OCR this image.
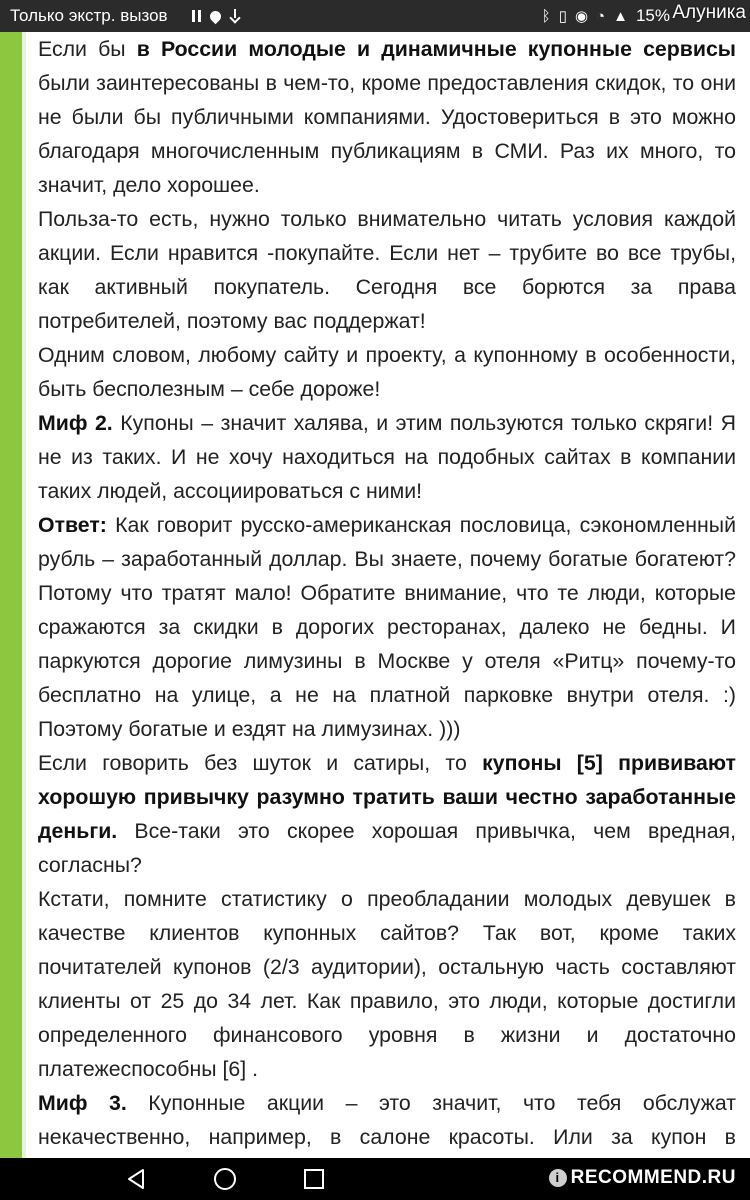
Только экстр. вызов	ᛒ ▯ ◉ ◔ ▲ 15% Алуника

Если бы в России молодые и динамичные купонные сервисы были заинтересованы в чем-то, кроме предоставления скидок, то они не были бы публичными компаниями. Удостовериться в это можно благодаря многочисленным публикациям в СМИ. Раз их много, то значит, дело хорошее.

Польза-то есть, нужно только внимательно читать условия каждой акции. Если нравится -покупайте. Если нет – трубите во все трубы, как активный покупатель. Сегодня все борются за права потребителей, поэтому вас поддержат!

Одним словом, любому сайту и проекту, а купонному в особенности, быть бесполезным – себе дороже!

Миф 2. Купоны – значит халява, и этим пользуются только скряги! Я не из таких. И не хочу находиться на подобных сайтах в компании таких людей, ассоциироваться с ними!

Ответ: Как говорит русско-американская пословица, сэкономленный рубль – заработанный доллар. Вы знаете, почему богатые богатеют? Потому что тратят мало! Обратите внимание, что те люди, которые сражаются за скидки в дорогих ресторанах, далеко не бедны. И паркуются дорогие лимузины в Москве у отеля «Ритц» почему-то бесплатно на улице, а не на платной парковке внутри отеля. :) Поэтому богатые и ездят на лимузинах. )))

Если говорить без шуток и сатиры, то купоны [5] прививают хорошую привычку разумно тратить ваши честно заработанные деньги. Все-таки это скорее хорошая привычка, чем вредная, согласны?

Кстати, помните статистику о преобладании молодых девушек в качестве клиентов купонных сайтов? Так вот, кроме таких почитателей купонов (2/3 аудитории), остальную часть составляют клиенты от 25 до 34 лет. Как правило, это люди, которые достигли определенного финансового уровня в жизни и достаточно платежеспособны [6] .

Миф 3. Купонные акции – это значит, что тебя обслужат некачественно, например, в салоне красоты. Или за купон в

i RECOMMEND.RU
